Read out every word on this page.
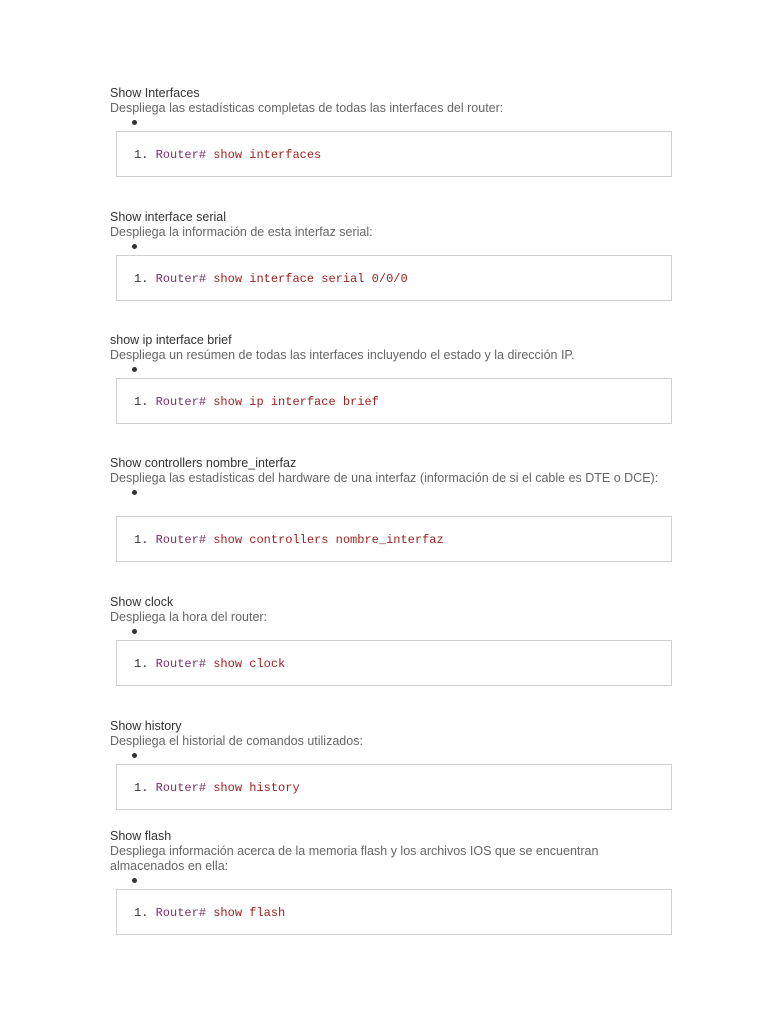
Show Interfaces
Despliega las estadísticas completas de todas las interfaces del router:
1. Router# show interfaces
Show interface serial
Despliega la información de esta interfaz serial:
1. Router# show interface serial 0/0/0
show ip interface brief
Despliega un resúmen de todas las interfaces incluyendo el estado y la dirección IP.
1. Router# show ip interface brief
Show controllers nombre_interfaz
Despliega las estadísticas del hardware de una interfaz (información de si el cable es DTE o DCE):
1. Router# show controllers nombre_interfaz
Show clock
Despliega la hora del router:
1. Router# show clock
Show history
Despliega el historial de comandos utilizados:
1. Router# show history
Show flash
Despliega información acerca de la memoria flash y los archivos IOS que se encuentran almacenados en ella:
1. Router# show flash
